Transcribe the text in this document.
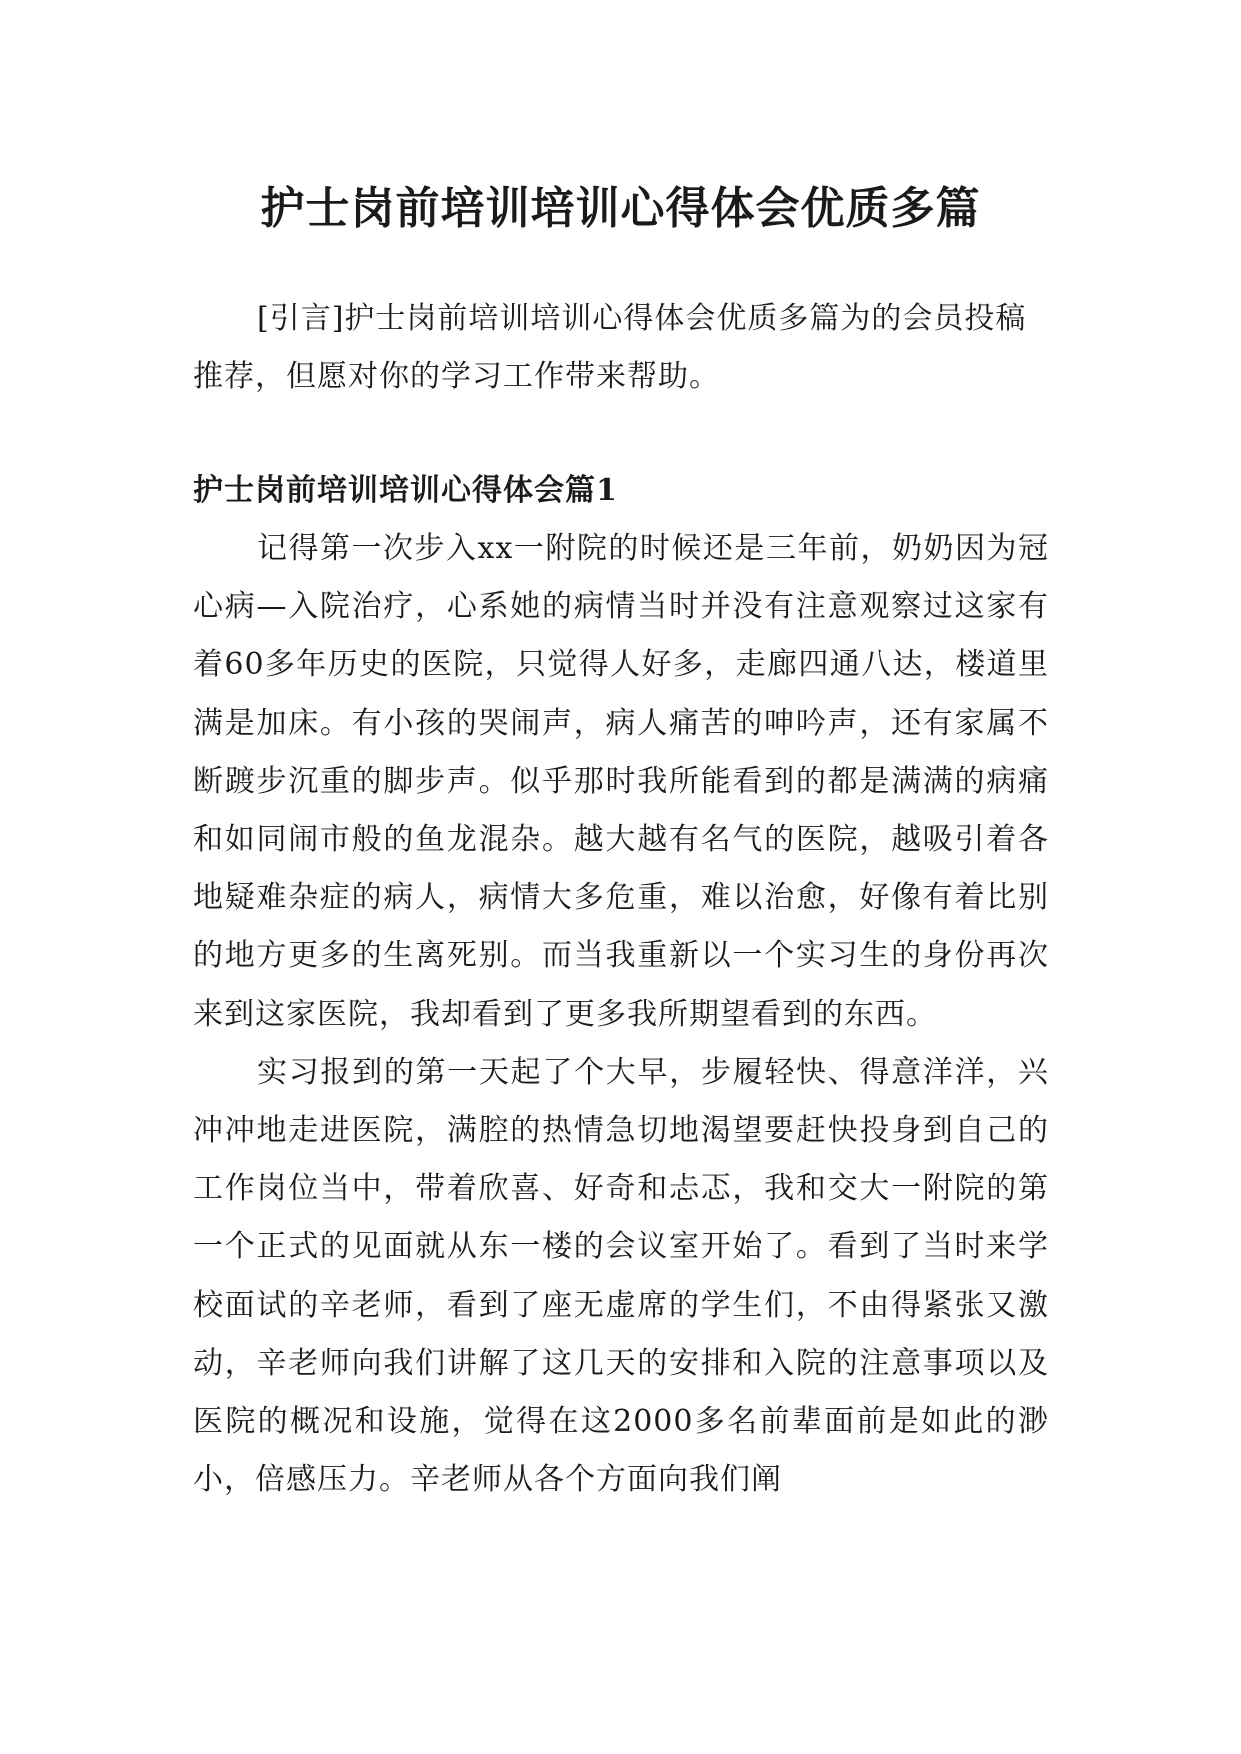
护士岗前培训培训心得体会优质多篇

[引言]护士岗前培训培训心得体会优质多篇为的会员投稿推荐，但愿对你的学习工作带来帮助。

护士岗前培训培训心得体会篇1

记得第一次步入xx一附院的时候还是三年前，奶奶因为冠心病—入院治疗，心系她的病情当时并没有注意观察过这家有着60多年历史的医院，只觉得人好多，走廊四通八达，楼道里满是加床。有小孩的哭闹声，病人痛苦的呻吟声，还有家属不断踱步沉重的脚步声。似乎那时我所能看到的都是满满的病痛和如同闹市般的鱼龙混杂。越大越有名气的医院，越吸引着各地疑难杂症的病人，病情大多危重，难以治愈，好像有着比别的地方更多的生离死别。而当我重新以一个实习生的身份再次来到这家医院，我却看到了更多我所期望看到的东西。

实习报到的第一天起了个大早，步履轻快、得意洋洋，兴冲冲地走进医院，满腔的热情急切地渴望要赶快投身到自己的工作岗位当中，带着欣喜、好奇和忐忑，我和交大一附院的第一个正式的见面就从东一楼的会议室开始了。看到了当时来学校面试的辛老师，看到了座无虚席的学生们，不由得紧张又激动，辛老师向我们讲解了这几天的安排和入院的注意事项以及医院的概况和设施，觉得在这2000多名前辈面前是如此的渺小，倍感压力。辛老师从各个方面向我们阐
